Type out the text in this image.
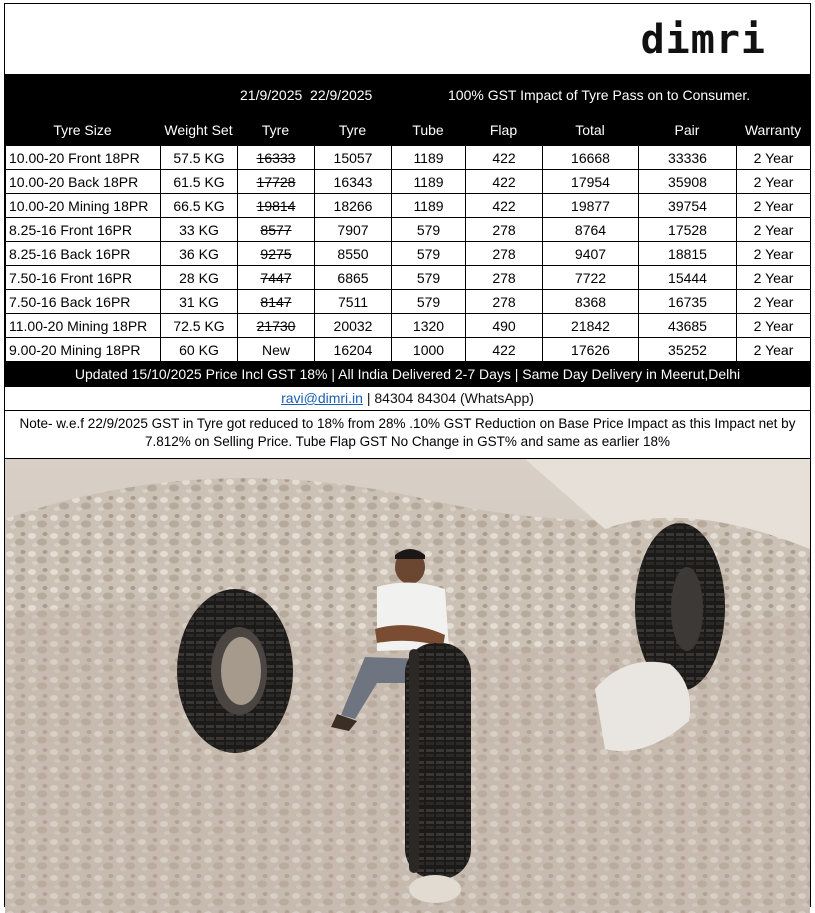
dimri
21/9/2025  22/9/2025	100% GST Impact of Tyre Pass on to Consumer.
Tyre Size	Weight Set	Tyre	Tyre	Tube	Flap	Total	Pair	Warranty
10.00-20 Front 18PR	57.5 KG	16333	15057	1189	422	16668	33336	2 Year
10.00-20 Back 18PR	61.5 KG	17728	16343	1189	422	17954	35908	2 Year
10.00-20 Mining 18PR	66.5 KG	19814	18266	1189	422	19877	39754	2 Year
8.25-16 Front 16PR	33 KG	8577	7907	579	278	8764	17528	2 Year
8.25-16 Back 16PR	36 KG	9275	8550	579	278	9407	18815	2 Year
7.50-16 Front 16PR	28 KG	7447	6865	579	278	7722	15444	2 Year
7.50-16 Back 16PR	31 KG	8147	7511	579	278	8368	16735	2 Year
11.00-20 Mining 18PR	72.5 KG	21730	20032	1320	490	21842	43685	2 Year
9.00-20 Mining 18PR	60 KG	New	16204	1000	422	17626	35252	2 Year
Updated 15/10/2025 Price Incl GST 18% | All India Delivered 2-7 Days | Same Day Delivery in Meerut,Delhi
ravi@dimri.in | 84304 84304 (WhatsApp)
Note- w.e.f 22/9/2025 GST in Tyre got reduced to 18% from 28% .10% GST Reduction on Base Price Impact as this Impact net by 7.812% on Selling Price. Tube Flap GST No Change in GST% and same as earlier 18%
